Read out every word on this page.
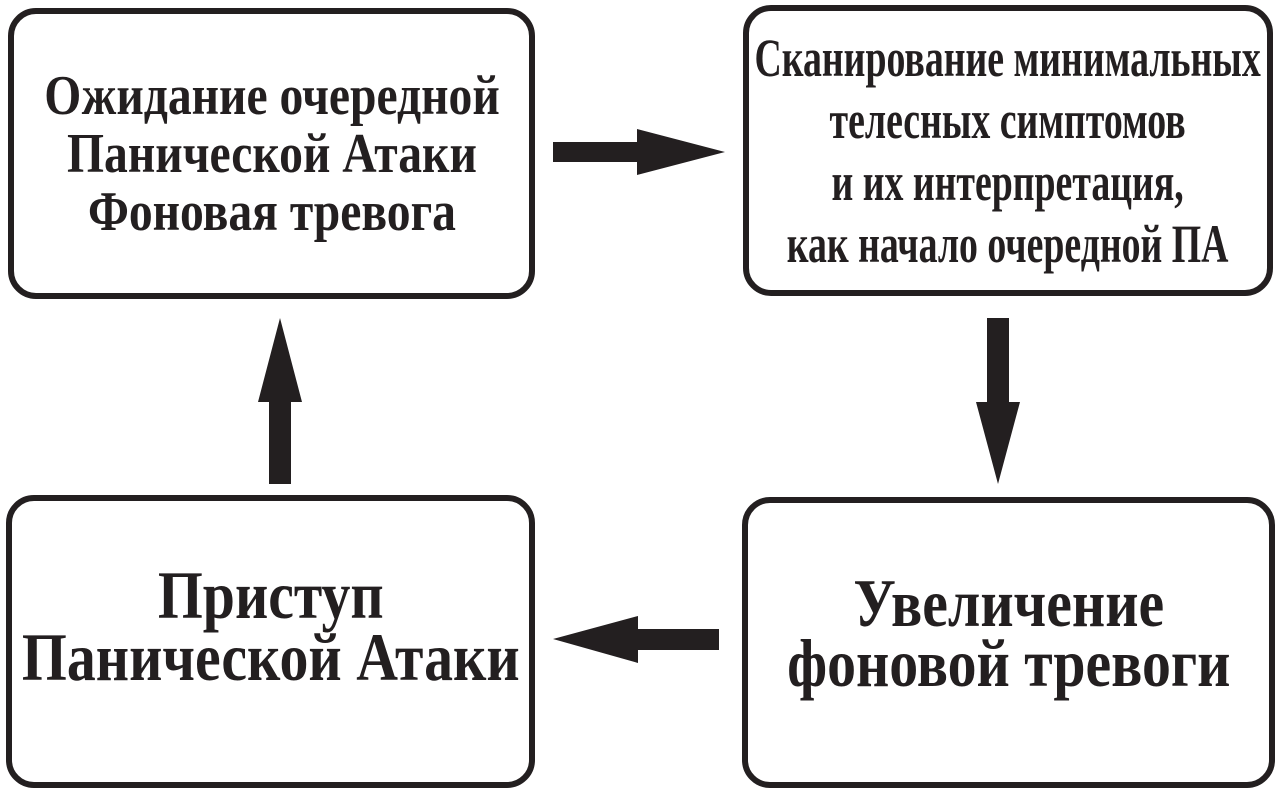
Ожидание очередной
Панической Атаки
Фоновая тревога
Сканирование минимальных
телесных симптомов
и их интерпретация,
как начало очередной ПА
Увеличение
фоновой тревоги
Приступ
Панической Атаки
